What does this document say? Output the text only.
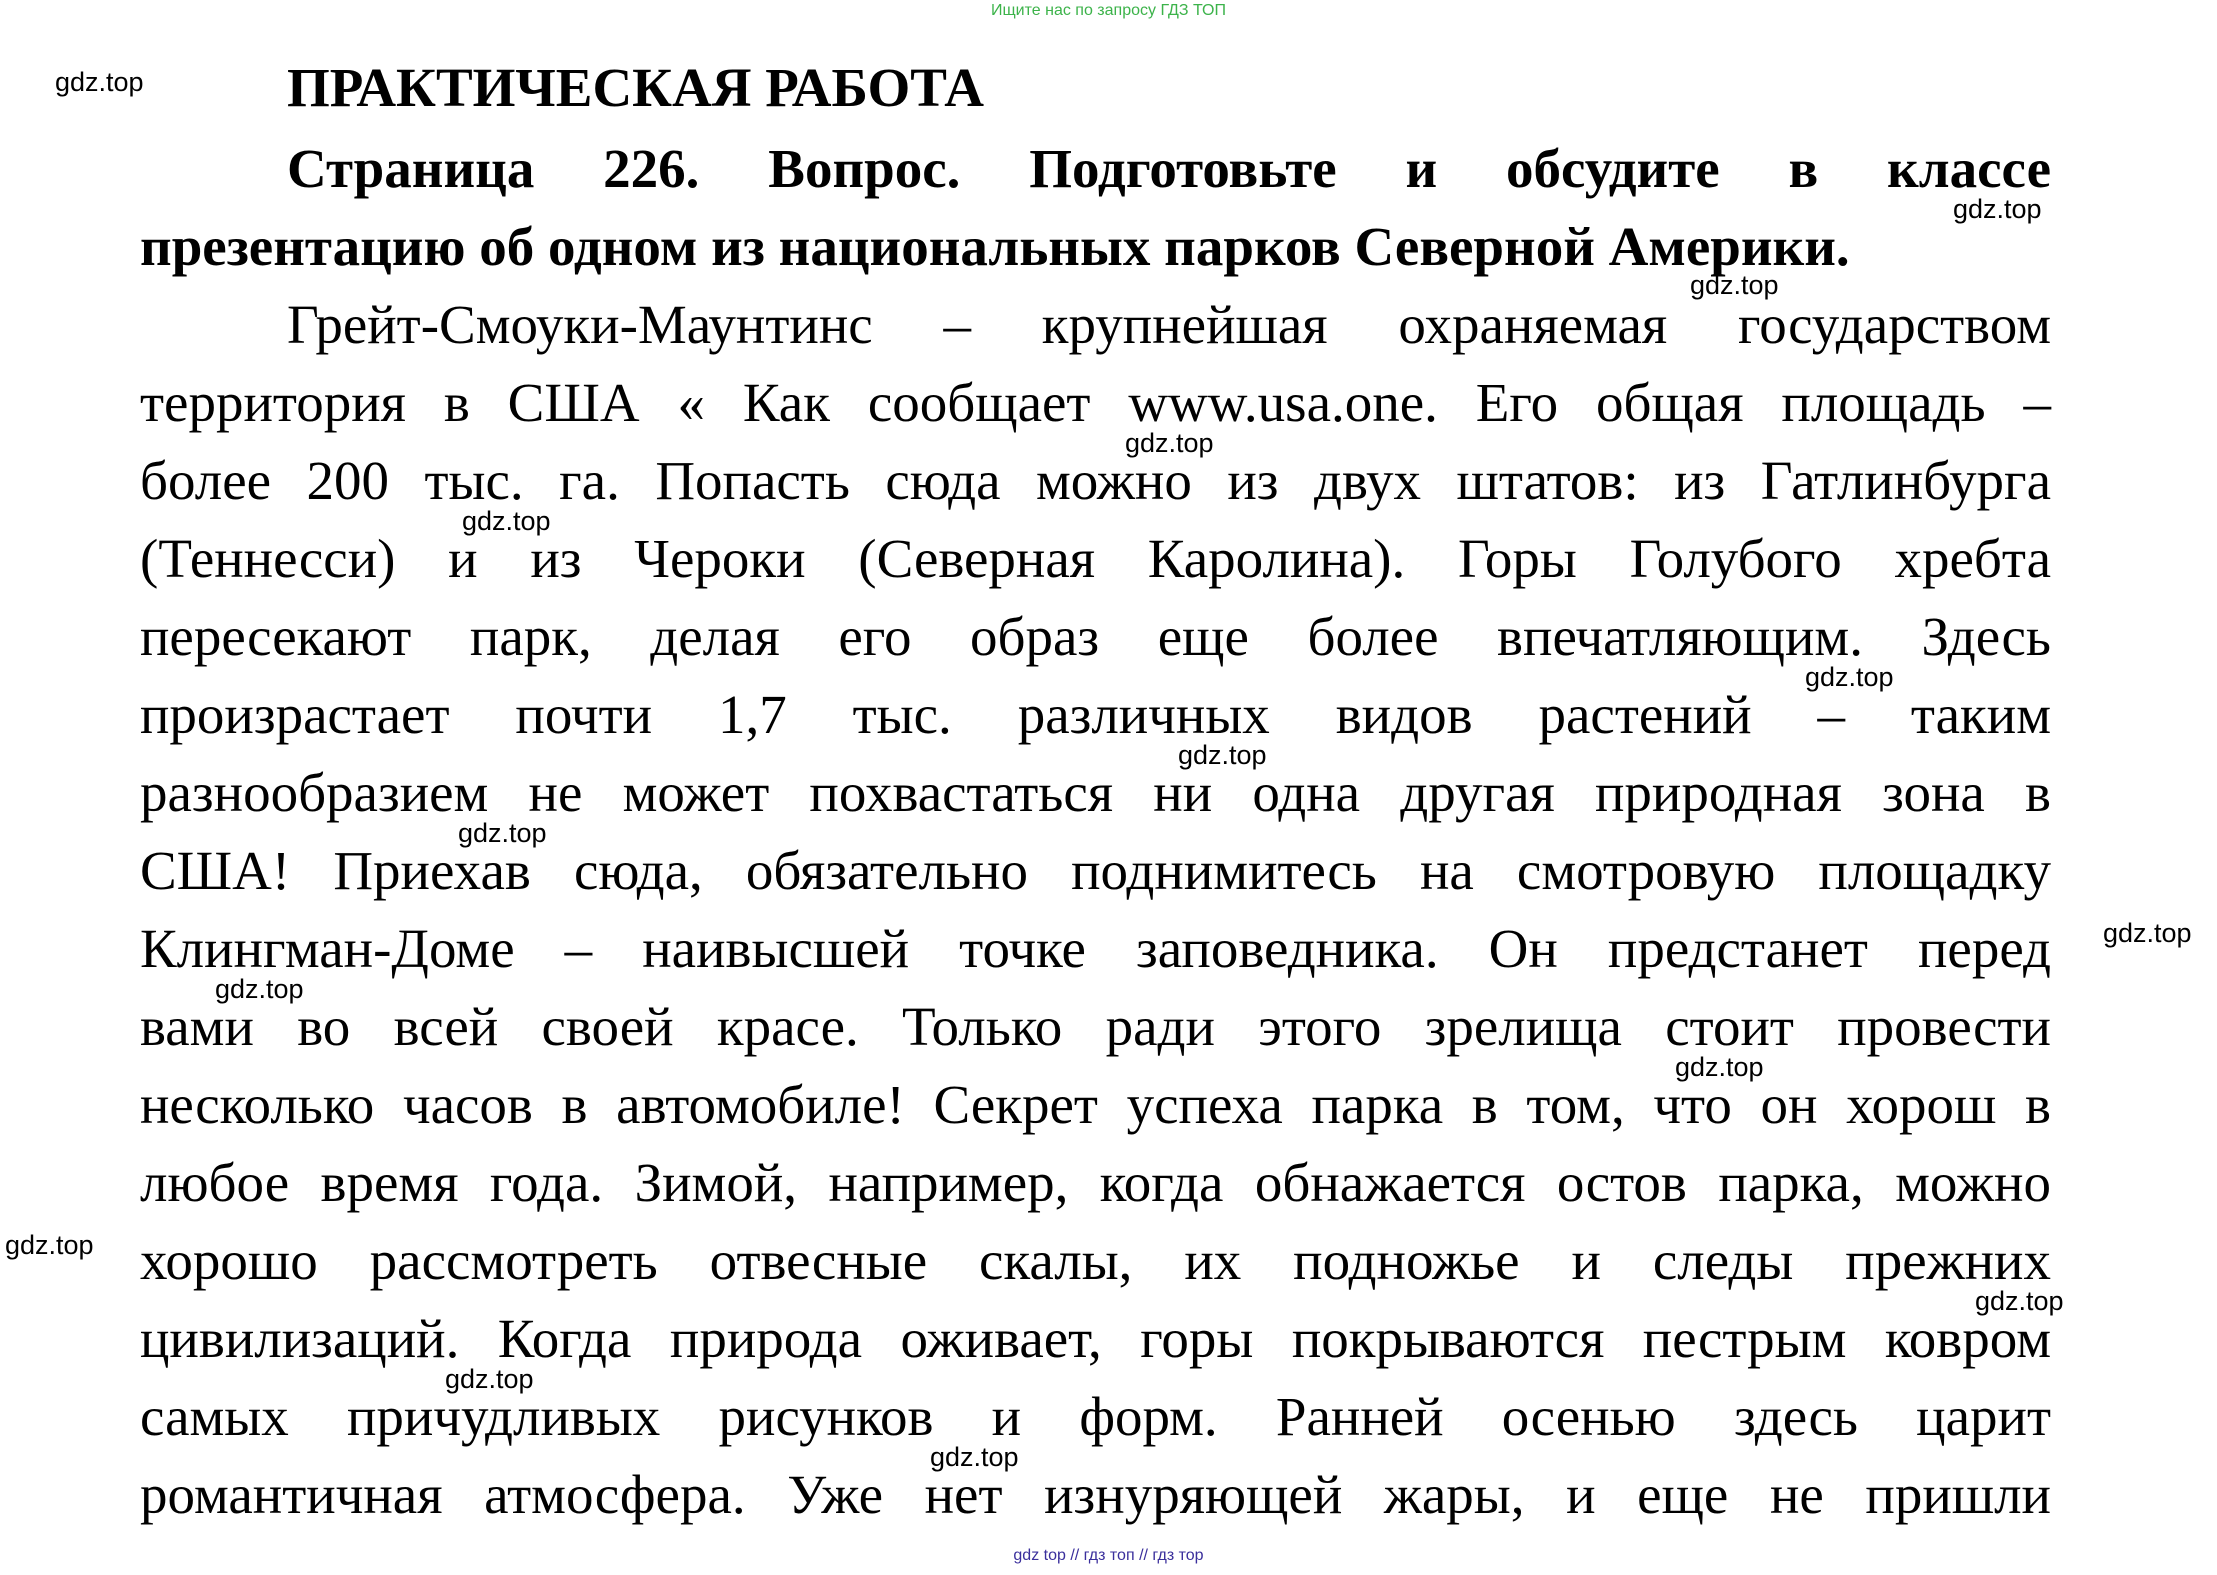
Ищите нас по запросу ГДЗ ТОП
ПРАКТИЧЕСКАЯ РАБОТА
Страница 226. Вопрос. Подготовьте и обсудите в классе
презентацию об одном из национальных парков Северной Америки.
Грейт-Смоуки-Маунтинс – крупнейшая охраняемая государством
территория в США « Как сообщает www.usa.one. Его общая площадь –
более 200 тыс. га. Попасть сюда можно из двух штатов: из Гатлинбурга
(Теннесси) и из Чероки (Северная Каролина). Горы Голубого хребта
пересекают парк, делая его образ еще более впечатляющим. Здесь
произрастает почти 1,7 тыс. различных видов растений – таким
разнообразием не может похвастаться ни одна другая природная зона в
США! Приехав сюда, обязательно поднимитесь на смотровую площадку
Клингман-Доме – наивысшей точке заповедника. Он предстанет перед
вами во всей своей красе. Только ради этого зрелища стоит провести
несколько часов в автомобиле! Секрет успеха парка в том, что он хорош в
любое время года. Зимой, например, когда обнажается остов парка, можно
хорошо рассмотреть отвесные скалы, их подножье и следы прежних
цивилизаций. Когда природа оживает, горы покрываются пестрым ковром
самых причудливых рисунков и форм. Ранней осенью здесь царит
романтичная атмосфера. Уже нет изнуряющей жары, и еще не пришли
gdz.top
gdz.top
gdz.top
gdz.top
gdz.top
gdz.top
gdz.top
gdz.top
gdz.top
gdz.top
gdz.top
gdz.top
gdz.top
gdz.top
gdz.top
gdz top // гдз топ // гдз тор
